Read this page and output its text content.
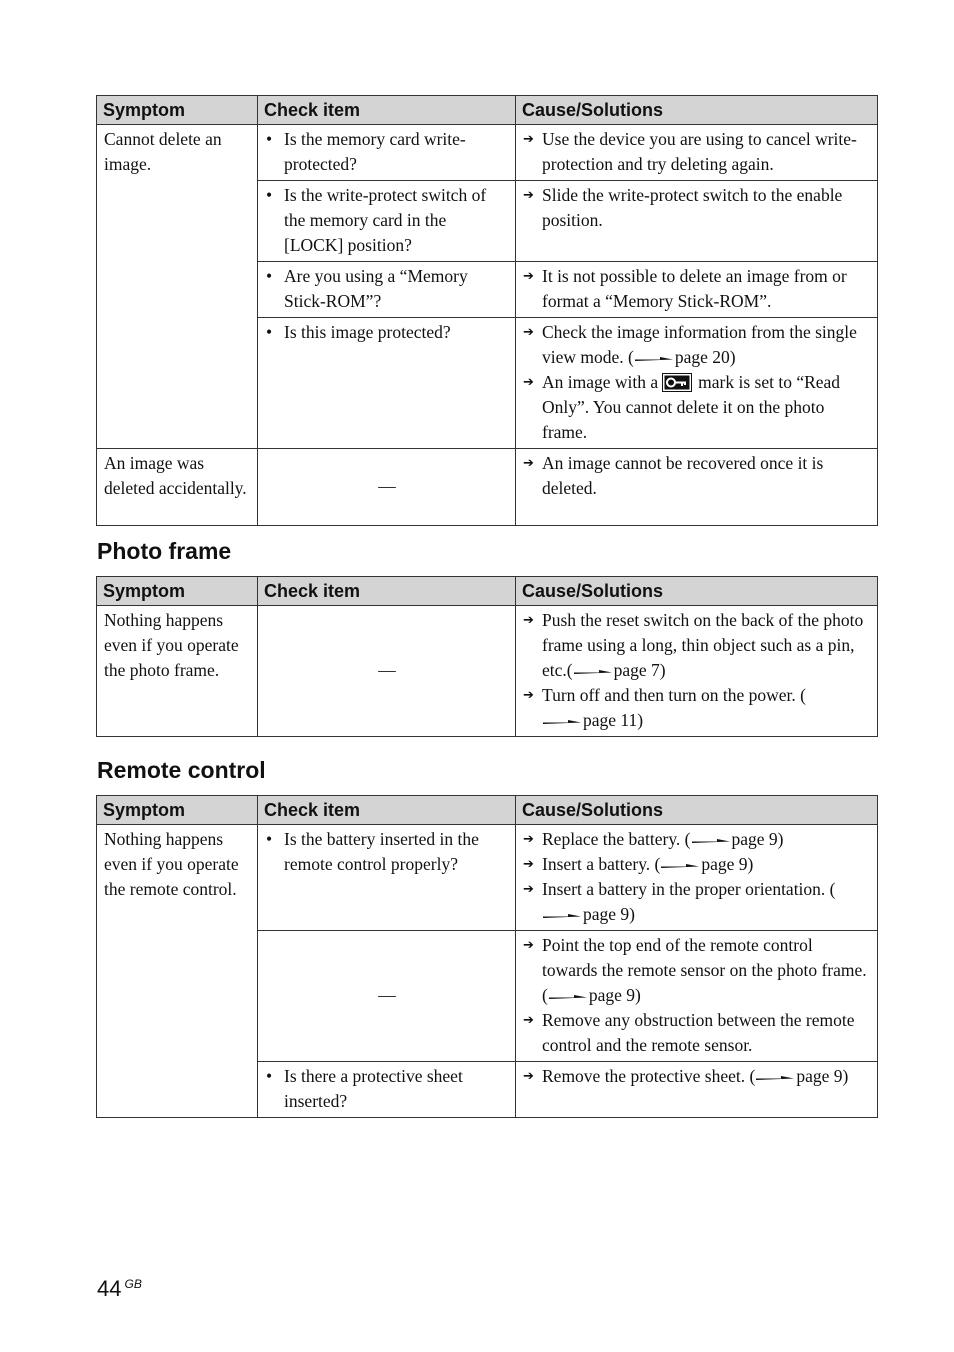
Symptom	Check item	Cause/Solutions
Cannot delete an image.	• Is the memory card write-protected?	➔ Use the device you are using to cancel write-protection and try deleting again.

	• Is the write-protect switch of the memory card in the [LOCK] position?	➔ Slide the write-protect switch to the enable position.

	• Are you using a “Memory Stick-ROM”?	➔ It is not possible to delete an image from or format a “Memory Stick-ROM”.

	• Is this image protected?	➔ Check the image information from the single view mode. ( page 20)
➔ An image with a mark is set to “Read Only”. You cannot delete it on the photo frame.

An image was deleted accidentally.	—	➔ An image cannot be recovered once it is deleted.
Photo frame
Symptom	Check item	Cause/Solutions
Nothing happens even if you operate the photo frame.	—	➔ Push the reset switch on the back of the photo frame using a long, thin object such as a pin, etc.( page 7)
➔ Turn off and then turn on the power. (page 11)
Remote control
Symptom	Check item	Cause/Solutions
Nothing happens even if you operate the remote control.	• Is the battery inserted in the remote control properly?	➔ Replace the battery. ( page 9)
➔ Insert a battery. ( page 9)
➔ Insert a battery in the proper orientation. (page 9)

	—	➔ Point the top end of the remote control towards the remote sensor on the photo frame. ( page 9)
➔ Remove any obstruction between the remote control and the remote sensor.

	• Is there a protective sheet inserted?	➔ Remove the protective sheet. ( page 9)
44 $^{GB}$
